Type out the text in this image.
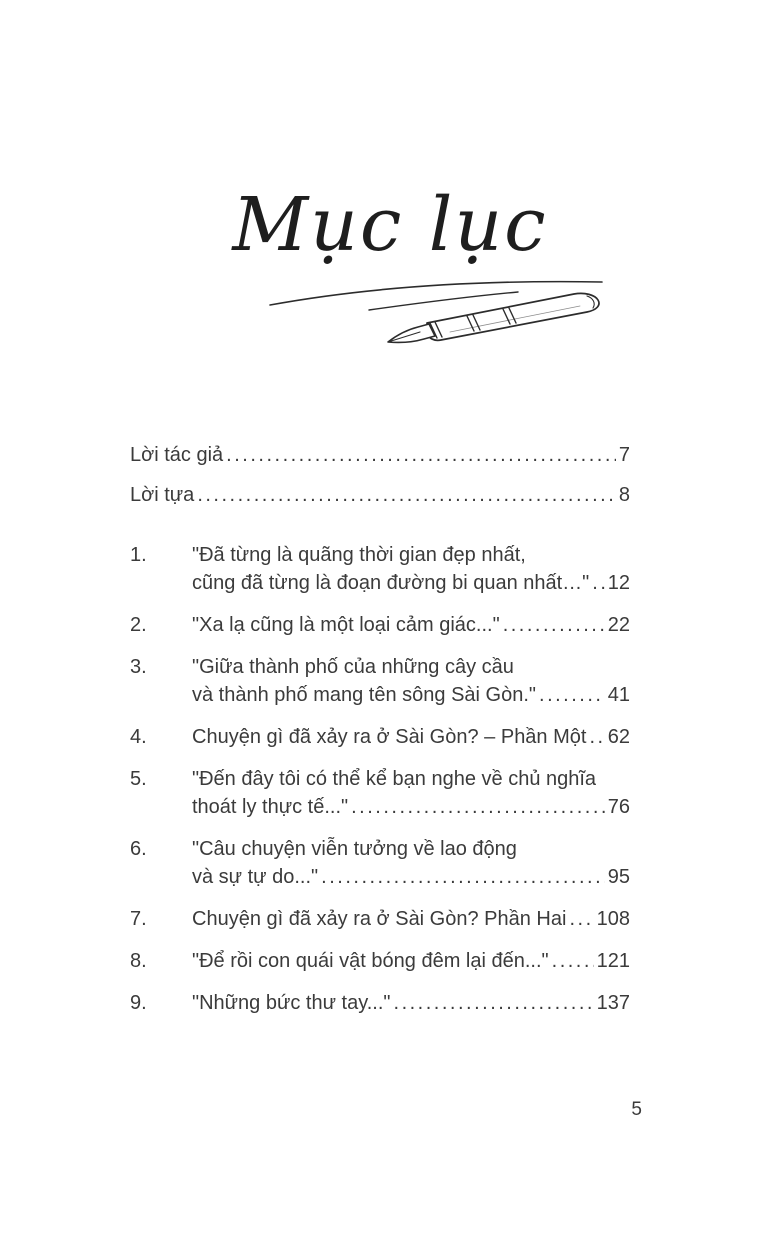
Mục lục
Lời tác giả .....	7
Lời tựa .....	8
1.	"Đã từng là quãng thời gian đẹp nhất,
cũng đã từng là đoạn đường bi quan nhất…" ..... 12
2.	"Xa lạ cũng là một loại cảm giác..." .....	22
3.	"Giữa thành phố của những cây cầu
và thành phố mang tên sông Sài Gòn." .....	41
4.	Chuyện gì đã xảy ra ở Sài Gòn? – Phần Một ..... 62
5.	"Đến đây tôi có thể kể bạn nghe về chủ nghĩa
thoát ly thực tế..." .....	76
6.	"Câu chuyện viễn tưởng về lao động
và sự tự do..." .....	95
7.	Chuyện gì đã xảy ra ở Sài Gòn? Phần Hai ..... 108
8.	"Để rồi con quái vật bóng đêm lại đến..." ..... 121
9.	"Những bức thư tay..." .....	137
5
